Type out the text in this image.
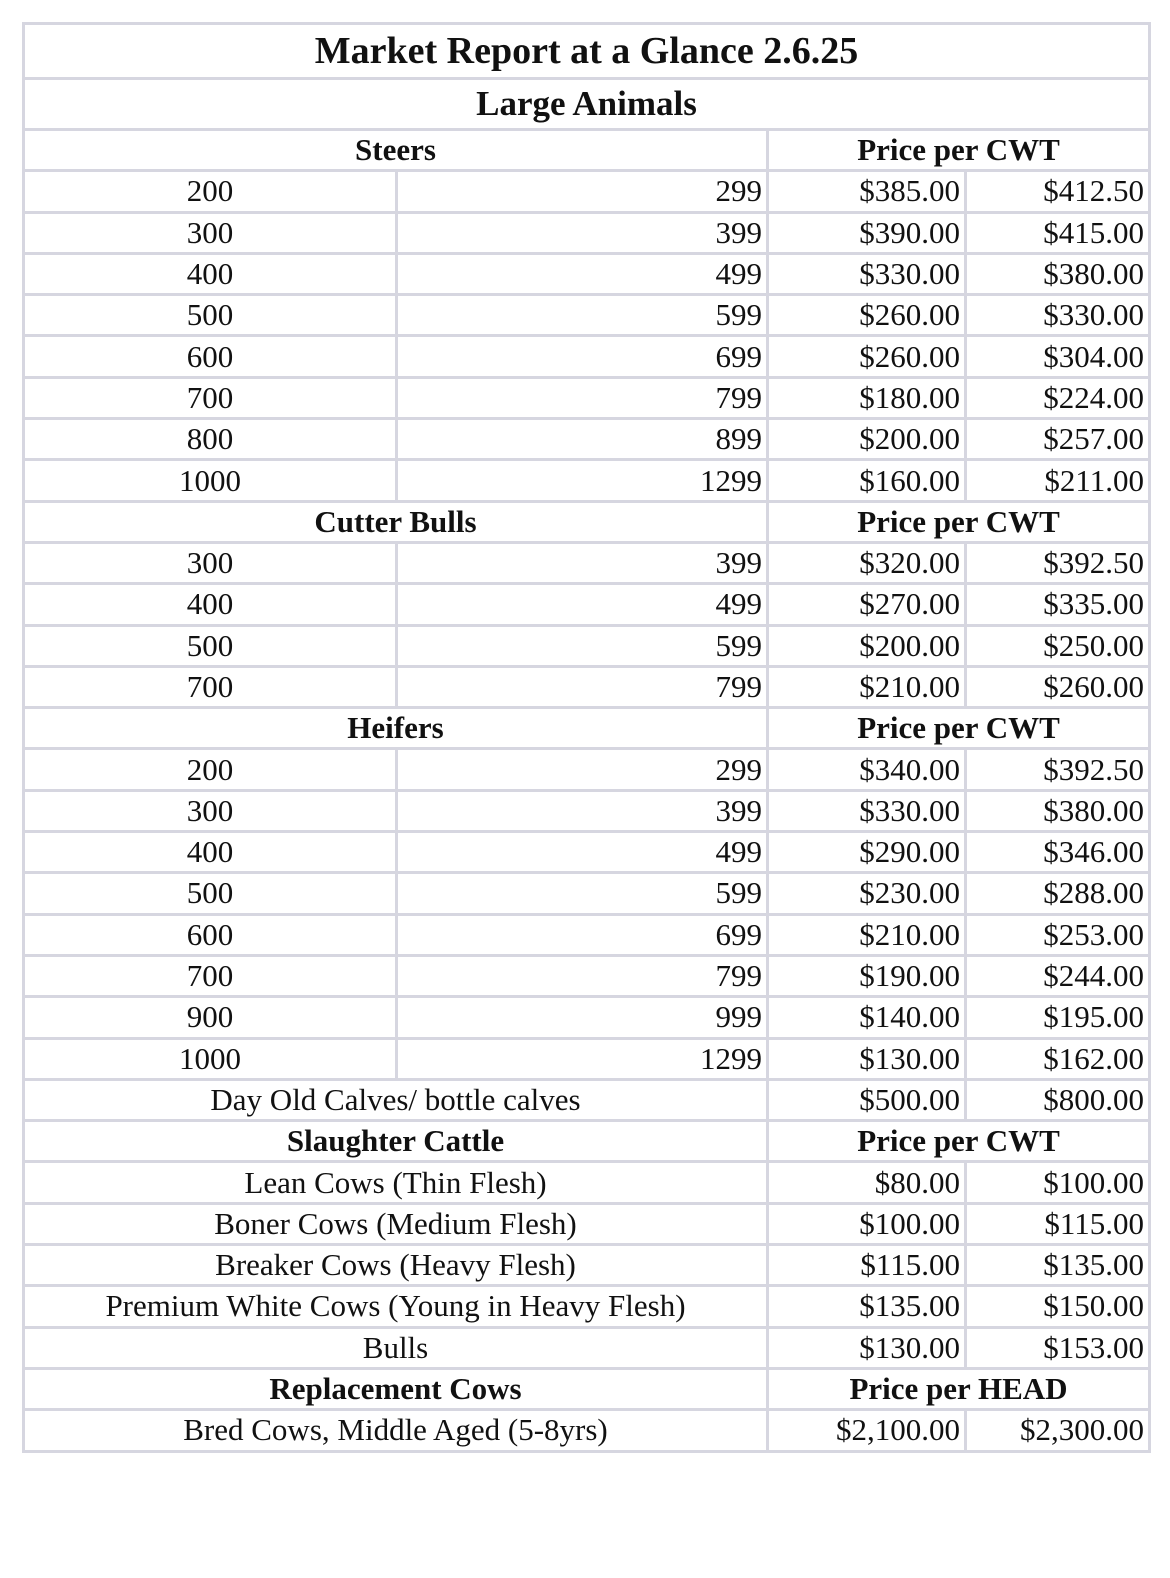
Market Report at a Glance 2.6.25			
Large Animals			
Steers		Price per CWT	
200	299	$385.00	$412.50
300	399	$390.00	$415.00
400	499	$330.00	$380.00
500	599	$260.00	$330.00
600	699	$260.00	$304.00
700	799	$180.00	$224.00
800	899	$200.00	$257.00
1000	1299	$160.00	$211.00
Cutter Bulls		Price per CWT	
300	399	$320.00	$392.50
400	499	$270.00	$335.00
500	599	$200.00	$250.00
700	799	$210.00	$260.00
Heifers		Price per CWT	
200	299	$340.00	$392.50
300	399	$330.00	$380.00
400	499	$290.00	$346.00
500	599	$230.00	$288.00
600	699	$210.00	$253.00
700	799	$190.00	$244.00
900	999	$140.00	$195.00
1000	1299	$130.00	$162.00
Day Old Calves/ bottle calves		$500.00	$800.00
Slaughter Cattle		Price per CWT	
Lean Cows (Thin Flesh)		$80.00	$100.00
Boner Cows (Medium Flesh)		$100.00	$115.00
Breaker Cows (Heavy Flesh)		$115.00	$135.00
Premium White Cows (Young in Heavy Flesh)		$135.00	$150.00
Bulls		$130.00	$153.00
Replacement Cows		Price per HEAD	
Bred Cows, Middle Aged (5-8yrs)		$2,100.00	$2,300.00
